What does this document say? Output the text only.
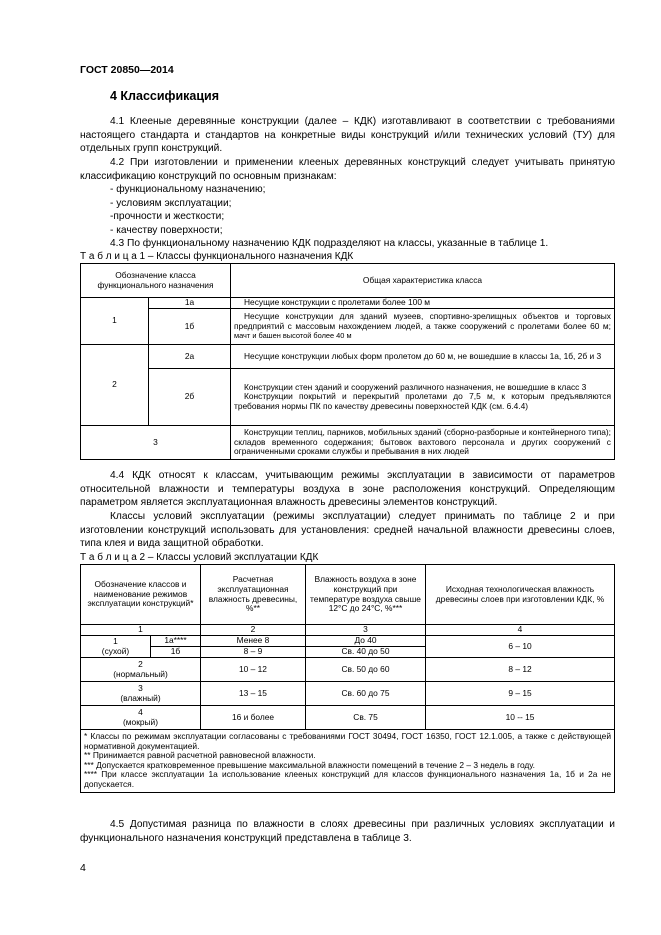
ГОСТ 20850—2014
4 Классификация
4.1 Клееные деревянные конструкции (далее – КДК) изготавливают в соответствии с требованиями настоящего стандарта и стандартов на конкретные виды конструкций и/или технических условий (ТУ) для отдельных групп конструкций.
4.2 При изготовлении и применении клееных деревянных конструкций следует учитывать принятую классификацию конструкций по основным признакам:
- функциональному назначению;
- условиям эксплуатации;
-прочности и жесткости;
- качеству поверхности;
4.3 По функциональному назначению КДК подразделяют на классы, указанные в таблице 1.
Т а б л и ц а 1 – Классы функционального назначения КДК
Обозначение класса функционального назначения		Общая характеристика класса
1	1а	Несущие конструкции с пролетами более 100 м
	1б	Несущие конструкции для зданий музеев, спортивно-зрелищных объектов и торговых предприятий с массовым нахождением людей, а также сооружений с пролетами более 60 м; мачт и башен высотой более 40 м
2	2а	Несущие конструкции любых форм пролетом до 60 м, не вошедшие в классы 1а, 1б, 2б и 3
	2б	Конструкции стен зданий и сооружений различного назначения, не вошедшие в класс 3
Конструкции покрытий и перекрытий пролетами до 7,5 м, к которым предъявляются требования нормы ПК по качеству древесины поверхностей КДК (см. 6.4.4)

3		Конструкции теплиц, парников, мобильных зданий (сборно-разборные и контейнерного типа); складов временного содержания; бытовок вахтового персонала и других сооружений с ограниченными сроками службы и пребывания в них людей
4.4 КДК относят к классам, учитывающим режимы эксплуатации в зависимости от параметров относительной влажности и температуры воздуха в зоне расположения конструкций. Определяющим параметром является эксплуатационная влажность древесины элементов конструкций.
Классы условий эксплуатации (режимы эксплуатации) следует принимать по таблице 2 и при изготовлении конструкций использовать для установления: средней начальной влажности древесины слоев, типа клея и вида защитной обработки.
Т а б л и ц а 2 – Классы условий эксплуатации КДК
Обозначение классов и наименование режимов эксплуатации конструкций*		Расчетная эксплуатационная влажность древесины, %**	Влажность воздуха в зоне конструкций при температуре воздуха свыше 12°С до 24°С, %***	Исходная технологическая влажность древесины слоев при изготовлении КДК, %
1		2	3	4

1
(сухой)	1а****	Менее 8	До 40	6 – 10
	1б	8 – 9	Св. 40 до 50	

2
(нормальный)		10 – 12	Св. 50 до 60	8 – 12

3
(влажный)		13 – 15	Св. 60 до 75	9 – 15

4
(мокрый)		16 и более	Св. 75	10 -- 15

* Классы по режимам эксплуатации согласованы с требованиями ГОСТ 30494, ГОСТ 16350, ГОСТ 12.1.005, а также с действующей нормативной документацией.
** Принимается равной расчетной равновесной влажности.
*** Допускается кратковременное превышение максимальной влажности помещений в течение 2 – 3 недель в году.
**** При классе эксплуатации 1а использование клееных конструкций для классов функционального назначения 1а, 1б и 2а не допускается.				
4.5 Допустимая разница по влажности в слоях древесины при различных условиях эксплуатации и функционального назначения конструкций представлена в таблице 3.
4
